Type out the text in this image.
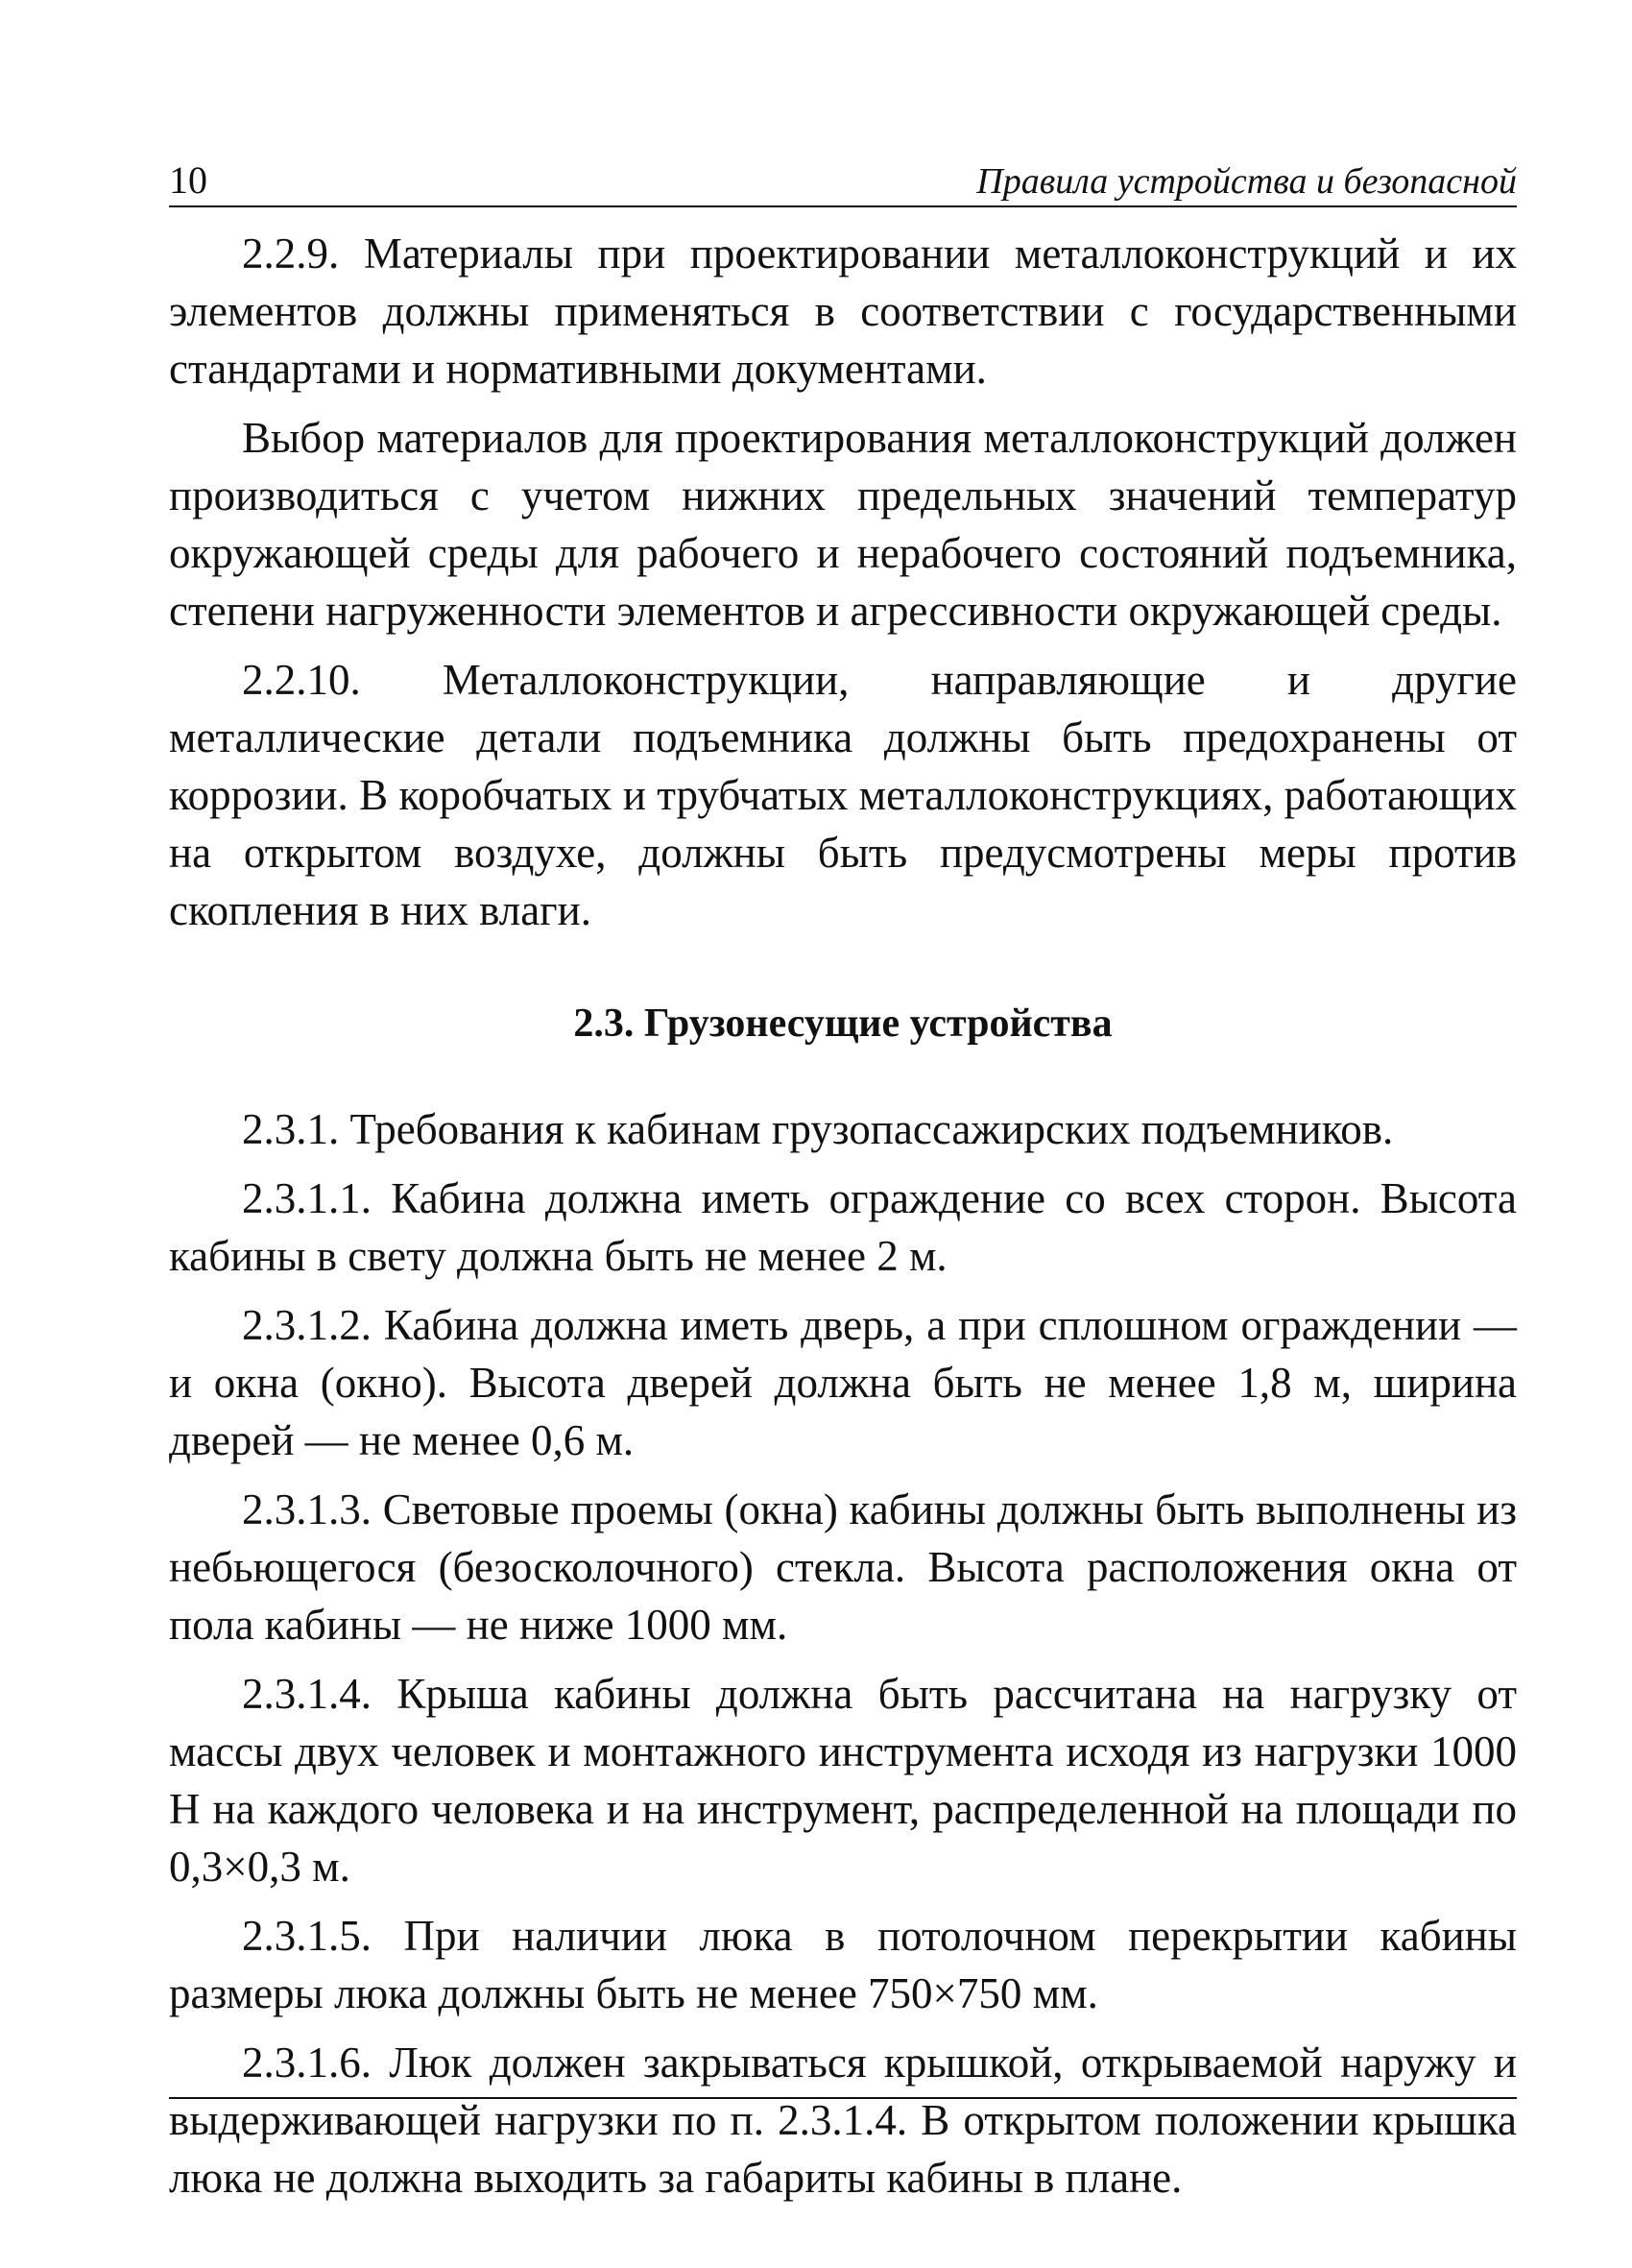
10	Правила устройства и безопасной

2.2.9. Материалы при проектировании металлоконструкций и их элементов должны применяться в соответствии с государственными стандартами и нормативными документами.

Выбор материалов для проектирования металлоконструкций должен производиться с учетом нижних предельных значений температур окружающей среды для рабочего и нерабочего состояний подъемника, степени нагруженности элементов и агрессивности окружающей среды.

2.2.10. Металлоконструкции, направляющие и другие металлические детали подъемника должны быть предохранены от коррозии. В коробчатых и трубчатых металлоконструкциях, работающих на открытом воздухе, должны быть предусмотрены меры против скопления в них влаги.

2.3. Грузонесущие устройства

2.3.1. Требования к кабинам грузопассажирских подъемников.

2.3.1.1. Кабина должна иметь ограждение со всех сторон. Высота кабины в свету должна быть не менее 2 м.

2.3.1.2. Кабина должна иметь дверь, а при сплошном ограждении — и окна (окно). Высота дверей должна быть не менее 1,8 м, ширина дверей — не менее 0,6 м.

2.3.1.3. Световые проемы (окна) кабины должны быть выполнены из небьющегося (безосколочного) стекла. Высота расположения окна от пола кабины — не ниже 1000 мм.

2.3.1.4. Крыша кабины должна быть рассчитана на нагрузку от массы двух человек и монтажного инструмента исходя из нагрузки 1000 Н на каждого человека и на инструмент, распределенной на площади по 0,3×0,3 м.

2.3.1.5. При наличии люка в потолочном перекрытии кабины размеры люка должны быть не менее 750×750 мм.

2.3.1.6. Люк должен закрываться крышкой, открываемой наружу и выдерживающей нагрузки по п. 2.3.1.4. В открытом положении крышка люка не должна выходить за габариты кабины в плане.
